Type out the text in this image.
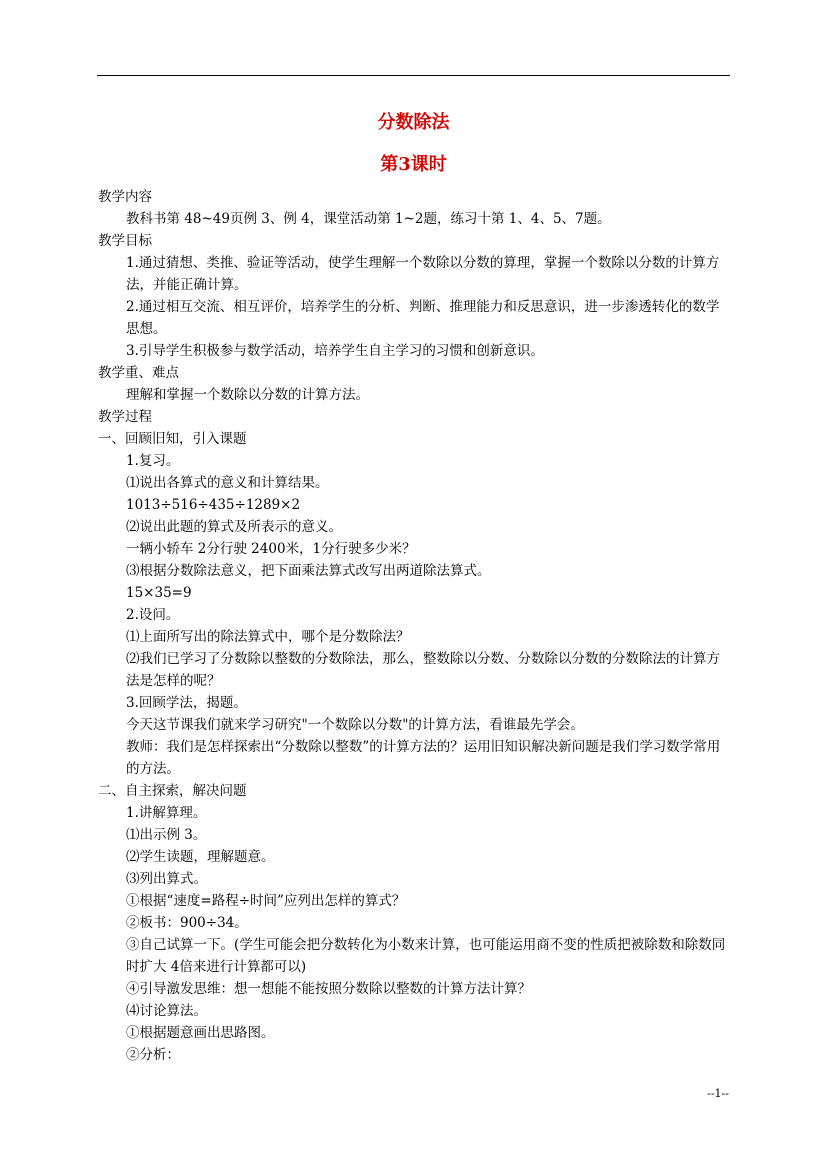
分数除法
第3课时

教学内容

教科书第 48~49页例 3、例 4，课堂活动第 1~2题，练习十第 1、4、5、7题。

教学目标

1.通过猜想、类推、验证等活动，使学生理解一个数除以分数的算理，掌握一个数除以分数的计算方法，并能正确计算。

2.通过相互交流、相互评价，培养学生的分析、判断、推理能力和反思意识，进一步渗透转化的数学思想。

3.引导学生积极参与数学活动，培养学生自主学习的习惯和创新意识。

教学重、难点

理解和掌握一个数除以分数的计算方法。

教学过程

一、回顾旧知，引入课题

1.复习。

⑴说出各算式的意义和计算结果。

1013÷516÷435÷1289×2

⑵说出此题的算式及所表示的意义。

一辆小轿车 2分行驶 2400米，1分行驶多少米？

⑶根据分数除法意义，把下面乘法算式改写出两道除法算式。

15×35=9

2.设问。

⑴上面所写出的除法算式中，哪个是分数除法？

⑵我们已学习了分数除以整数的分数除法，那么，整数除以分数、分数除以分数的分数除法的计算方法是怎样的呢？

3.回顾学法，揭题。

今天这节课我们就来学习研究"一个数除以分数"的计算方法，看谁最先学会。

教师：我们是怎样探索出“分数除以整数”的计算方法的？运用旧知识解决新问题是我们学习数学常用的方法。

二、自主探索，解决问题

1.讲解算理。

⑴出示例 3。

⑵学生读题，理解题意。

⑶列出算式。

①根据“速度=路程÷时间”应列出怎样的算式？

②板书：900÷34。

③自己试算一下。(学生可能会把分数转化为小数来计算，也可能运用商不变的性质把被除数和除数同时扩大 4倍来进行计算都可以)

④引导激发思维：想一想能不能按照分数除以整数的计算方法计算？

⑷讨论算法。

①根据题意画出思路图。

②分析：

--1--
